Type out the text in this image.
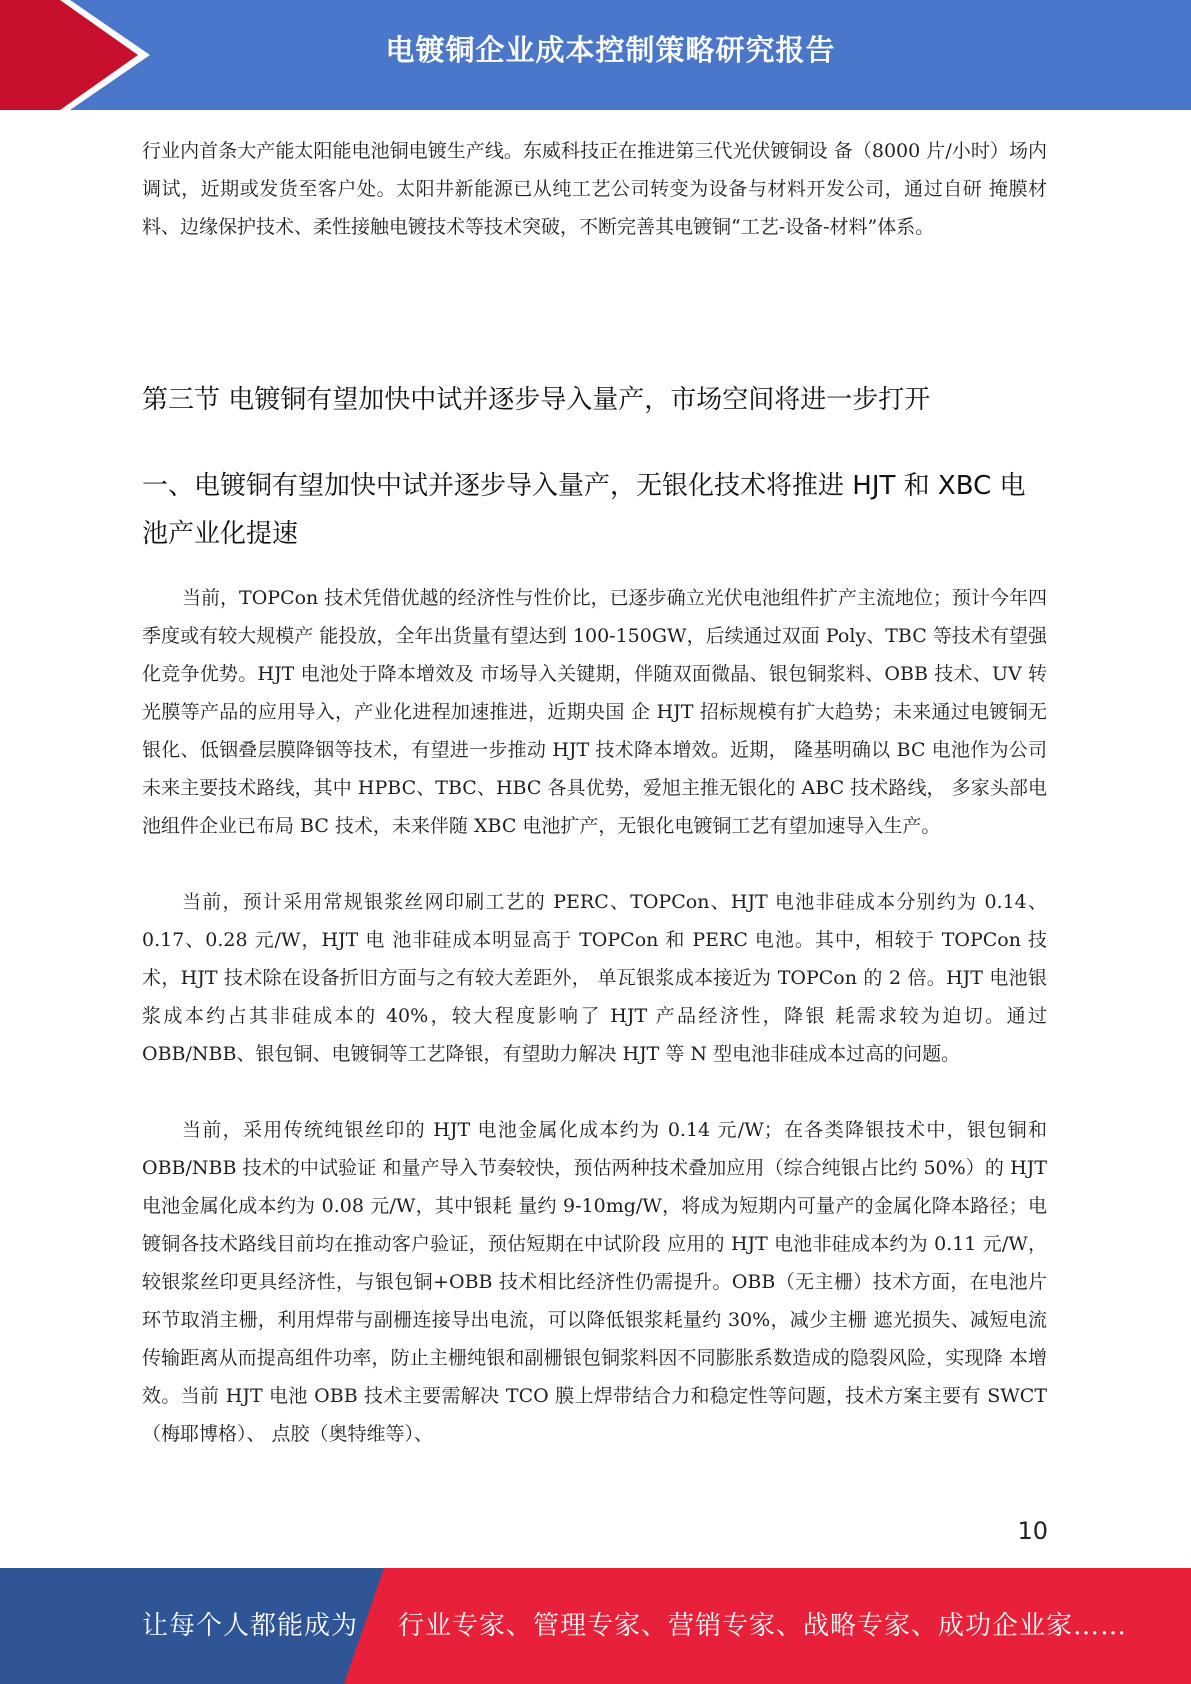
电镀铜企业成本控制策略研究报告

行业内首条大产能太阳能电池铜电镀生产线。东威科技正在推进第三代光伏镀铜设 备（8000 片/小时）场内调试，近期或发货至客户处。太阳井新能源已从纯工艺公司转变为设备与材料开发公司，通过自研 掩膜材料、边缘保护技术、柔性接触电镀技术等技术突破，不断完善其电镀铜“工艺-设备-材料”体系。

第三节 电镀铜有望加快中试并逐步导入量产，市场空间将进一步打开
一、电镀铜有望加快中试并逐步导入量产，无银化技术将推进 HJT 和 XBC 电池产业化提速

当前，TOPCon 技术凭借优越的经济性与性价比，已逐步确立光伏电池组件扩产主流地位；预计今年四季度或有较大规模产 能投放，全年出货量有望达到 100-150GW，后续通过双面 Poly、TBC 等技术有望强化竞争优势。HJT 电池处于降本增效及 市场导入关键期，伴随双面微晶、银包铜浆料、OBB 技术、UV 转光膜等产品的应用导入，产业化进程加速推进，近期央国 企 HJT 招标规模有扩大趋势；未来通过电镀铜无银化、低铟叠层膜降铟等技术，有望进一步推动 HJT 技术降本增效。近期， 隆基明确以 BC 电池作为公司未来主要技术路线，其中 HPBC、TBC、HBC 各具优势，爱旭主推无银化的 ABC 技术路线， 多家头部电池组件企业已布局 BC 技术，未来伴随 XBC 电池扩产，无银化电镀铜工艺有望加速导入生产。

当前，预计采用常规银浆丝网印刷工艺的 PERC、TOPCon、HJT 电池非硅成本分别约为 0.14、0.17、0.28 元/W，HJT 电 池非硅成本明显高于 TOPCon 和 PERC 电池。其中，相较于 TOPCon 技术，HJT 技术除在设备折旧方面与之有较大差距外， 单瓦银浆成本接近为 TOPCon 的 2 倍。HJT 电池银浆成本约占其非硅成本的 40%，较大程度影响了 HJT 产品经济性，降银 耗需求较为迫切。通过 OBB/NBB、银包铜、电镀铜等工艺降银，有望助力解决 HJT 等 N 型电池非硅成本过高的问题。

当前，采用传统纯银丝印的 HJT 电池金属化成本约为 0.14 元/W；在各类降银技术中，银包铜和 OBB/NBB 技术的中试验证 和量产导入节奏较快，预估两种技术叠加应用（综合纯银占比约 50%）的 HJT 电池金属化成本约为 0.08 元/W，其中银耗 量约 9-10mg/W，将成为短期内可量产的金属化降本路径；电镀铜各技术路线目前均在推动客户验证，预估短期在中试阶段 应用的 HJT 电池非硅成本约为 0.11 元/W，较银浆丝印更具经济性，与银包铜+OBB 技术相比经济性仍需提升。OBB（无主栅）技术方面，在电池片环节取消主栅，利用焊带与副栅连接导出电流，可以降低银浆耗量约 30%，减少主栅 遮光损失、减短电流传输距离从而提高组件功率，防止主栅纯银和副栅银包铜浆料因不同膨胀系数造成的隐裂风险，实现降 本增效。当前 HJT 电池 OBB 技术主要需解决 TCO 膜上焊带结合力和稳定性等问题，技术方案主要有 SWCT（梅耶博格）、 点胶（奥特维等）、

10
让每个人都能成为 行业专家、管理专家、营销专家、战略专家、成功企业家……
